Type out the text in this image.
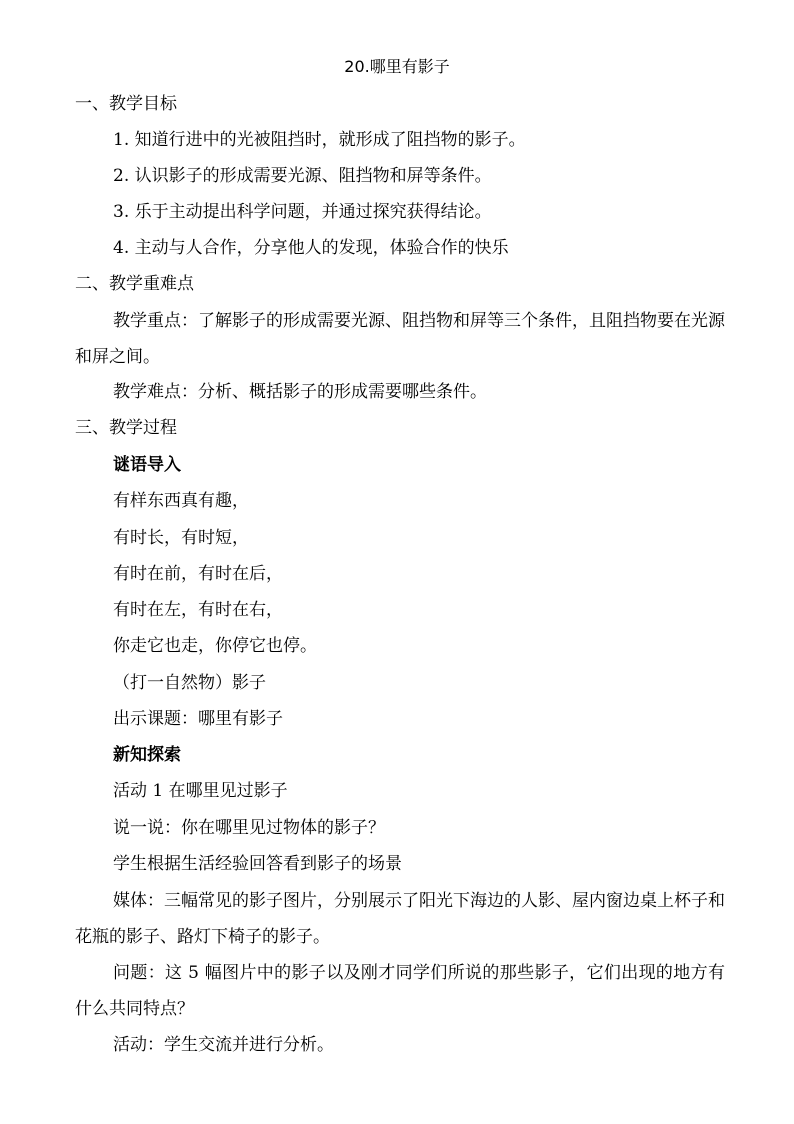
20.哪里有影子
一、教学目标
1. 知道行进中的光被阻挡时，就形成了阻挡物的影子。
2. 认识影子的形成需要光源、阻挡物和屏等条件。
3. 乐于主动提出科学问题，并通过探究获得结论。
4. 主动与人合作，分享他人的发现，体验合作的快乐
二、教学重难点
教学重点：了解影子的形成需要光源、阻挡物和屏等三个条件，且阻挡物要在光源和屏之间。
教学难点：分析、概括影子的形成需要哪些条件。
三、教学过程
谜语导入
有样东西真有趣，
有时长，有时短，
有时在前，有时在后，
有时在左，有时在右，
你走它也走，你停它也停。
（打一自然物）影子
出示课题：哪里有影子
新知探索
活动 1 在哪里见过影子
说一说：你在哪里见过物体的影子？
学生根据生活经验回答看到影子的场景
媒体：三幅常见的影子图片，分别展示了阳光下海边的人影、屋内窗边桌上杯子和花瓶的影子、路灯下椅子的影子。
问题：这 5 幅图片中的影子以及刚才同学们所说的那些影子，它们出现的地方有什么共同特点？
活动：学生交流并进行分析。
